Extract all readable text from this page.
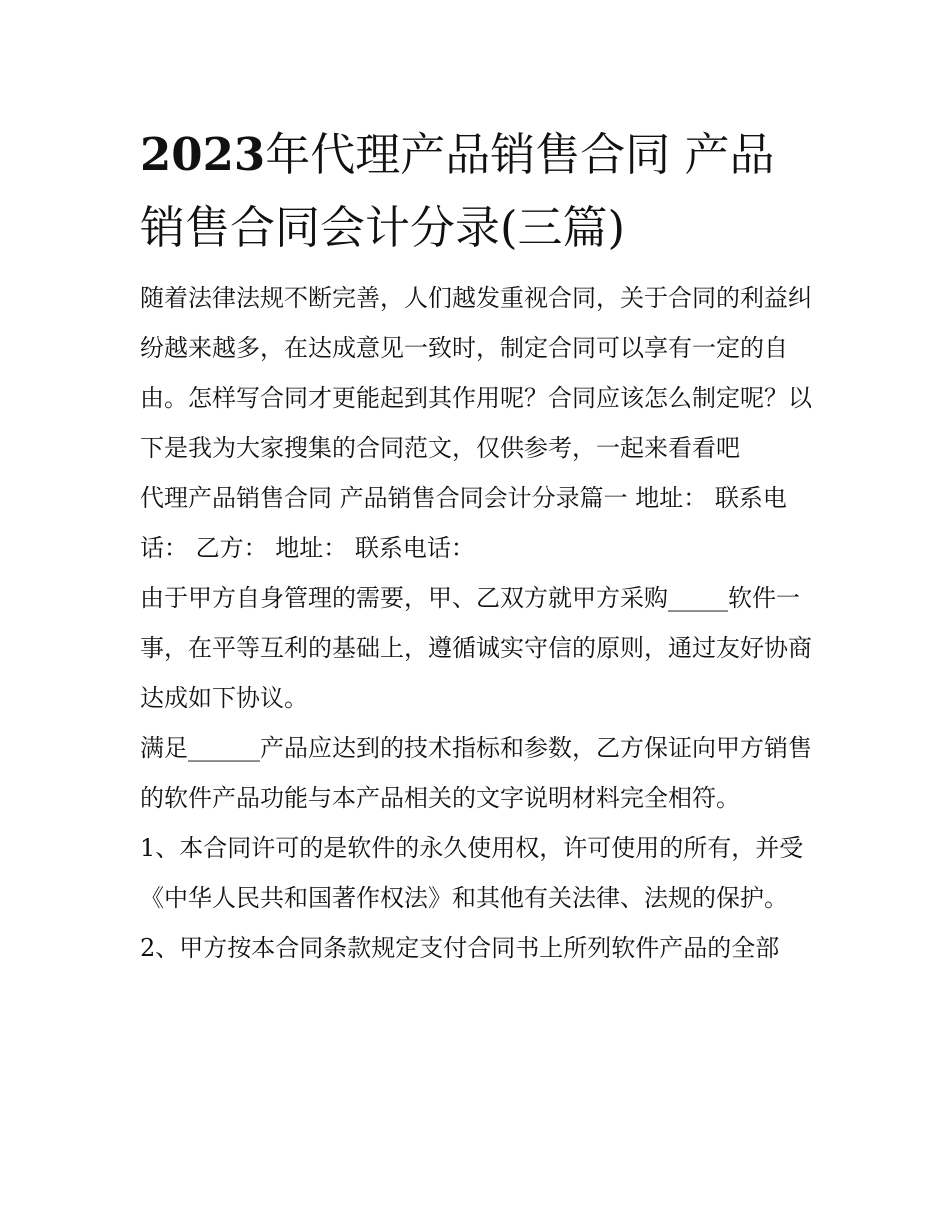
2023年代理产品销售合同 产品销售合同会计分录(三篇)

随着法律法规不断完善，人们越发重视合同，关于合同的利益纠纷越来越多，在达成意见一致时，制定合同可以享有一定的自由。怎样写合同才更能起到其作用呢？合同应该怎么制定呢？以下是我为大家搜集的合同范文，仅供参考，一起来看看吧

代理产品销售合同 产品销售合同会计分录篇一 地址： 联系电话： 乙方： 地址： 联系电话：

由于甲方自身管理的需要，甲、乙双方就甲方采购_____软件一事，在平等互利的基础上，遵循诚实守信的原则，通过友好协商达成如下协议。

满足______产品应达到的技术指标和参数，乙方保证向甲方销售的软件产品功能与本产品相关的文字说明材料完全相符。

1、本合同许可的是软件的永久使用权，许可使用的所有，并受《中华人民共和国著作权法》和其他有关法律、法规的保护。

2、甲方按本合同条款规定支付合同书上所列软件产品的全部
